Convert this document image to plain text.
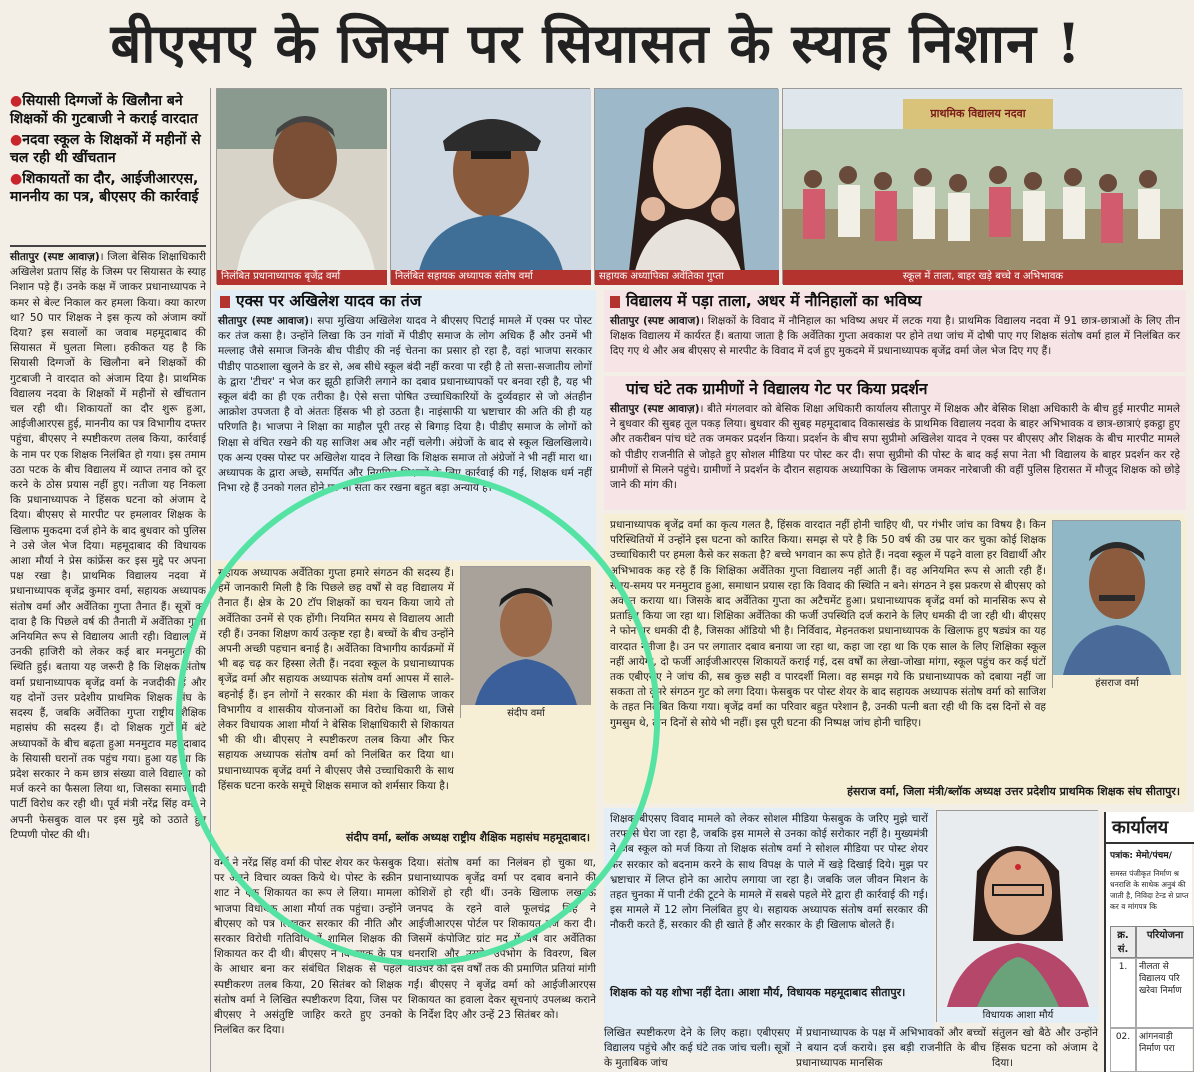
बीएसए के जिस्म पर सियासत के स्याह निशान !
●सियासी दिग्गजों के खिलौना बने शिक्षकों की गुटबाजी ने कराई वारदात
●नदवा स्कूल के शिक्षकों में महीनों से चल रही थी खींचतान
●शिकायतों का दौर, आईजीआरएस, माननीय का पत्र, बीएसए की कार्रवाई
सीतापुर (स्पष्ट आवाज़)। जिला बेसिक शिक्षाधिकारी अखिलेश प्रताप सिंह के जिस्म पर सियासत के स्याह निशान पड़े हैं। उनके कक्ष में जाकर प्रधानाध्यापक ने कमर से बेल्ट निकाल कर हमला किया। क्या कारण था? 50 पार शिक्षक ने इस कृत्य को अंजाम क्यों दिया? इस सवालों का जवाब महमूदाबाद की सियासत में घुलता मिला। हकीकत यह है कि सियासी दिग्गजों के खिलौना बने शिक्षकों की गुटबाजी ने वारदात को अंजाम दिया है। प्राथमिक विद्यालय नदवा के शिक्षकों में महीनों से खींचतान चल रही थी। शिकायतों का दौर शुरू हुआ, आईजीआरएस हुई, माननीय का पत्र विभागीय दफ्तर पहुंचा, बीएसए ने स्पष्टीकरण तलब किया, कार्रवाई के नाम पर एक शिक्षक निलंबित हो गया। इस तमाम उठा पटक के बीच विद्यालय में व्याप्त तनाव को दूर करने के ठोस प्रयास नहीं हुए। नतीजा यह निकला कि प्रधानाध्यापक ने हिंसक घटना को अंजाम दे दिया। बीएसए से मारपीट पर हमलावर शिक्षक के खिलाफ मुकदमा दर्ज होने के बाद बुधवार को पुलिस ने उसे जेल भेज दिया। महमूदाबाद की विधायक आशा मौर्या ने प्रेस कांफ्रेंस कर इस मुद्दे पर अपना पक्ष रखा है। प्राथमिक विद्यालय नदवा में प्रधानाध्यापक बृजेंद्र कुमार वर्मा, सहायक अध्यापक संतोष वर्मा और अर्वेतिका गुप्ता तैनात हैं। सूत्रों का दावा है कि पिछले वर्ष की तैनाती में अर्वेतिका गुप्ता अनियमित रूप से विद्यालय आती रही। विद्यालय में उनकी हाजिरी को लेकर कई बार मनमुटाव की स्थिति हुई। बताया यह जरूरी है कि शिक्षक संतोष वर्मा प्रधानाध्यापक बृजेंद्र वर्मा के नजदीकी हैं और यह दोनों उत्तर प्रदेशीय प्राथमिक शिक्षक संघ के सदस्य हैं, जबकि अर्वेतिका गुप्ता राष्ट्रीय शैक्षिक महासंघ की सदस्य हैं। दो शिक्षक गुटों में बंटे अध्यापकों के बीच बढ़ता हुआ मनमुटाव महमूदाबाद के सियासी घरानों तक पहुंच गया। हुआ यह था कि प्रदेश सरकार ने कम छात्र संख्या वाले विद्यालय को मर्ज करने का फैसला लिया था, जिसका समाजवादी पार्टी विरोध कर रही थी। पूर्व मंत्री नरेंद्र सिंह वर्मा ने अपनी फेसबुक वाल पर इस मुद्दे को उठाते हुए टिप्पणी पोस्ट की थी।
निलंबित प्रधानाध्यापक बृजेंद्र वर्मा	निलंबित सहायक अध्यापक संतोष वर्मा	सहायक अध्यापिका अर्वेतिका गुप्ता
प्राथमिक विद्यालय नदवा
स्कूल में ताला, बाहर खड़े बच्चे व अभिभावक
एक्स पर अखिलेश यादव का तंज
सीतापुर (स्पष्ट आवाज)। सपा मुखिया अखिलेश यादव ने बीएसए पिटाई मामले में एक्स पर पोस्ट कर तंज कसा है। उन्होंने लिखा कि उन गांवों में पीडीए समाज के लोग अधिक हैं और उनमें भी मल्लाह जैसे समाज जिनके बीच पीडीए की नई चेतना का प्रसार हो रहा है, वहां भाजपा सरकार पीडीए पाठशाला खुलने के डर से, अब सीधे स्कूल बंदी नहीं करवा पा रही है तो सत्ता-सजातीय लोगों के द्वारा 'टीचर' न भेज कर झूठी हाजिरी लगाने का दबाव प्रधानाध्यापकों पर बनवा रही है, यह भी स्कूल बंदी का ही एक तरीका है। ऐसे सत्ता पोषित उच्चाधिकारियों के दुर्व्यवहार से जो अंतहीन आक्रोश उपजता है वो अंततः हिंसक भी हो उठता है। नाइंसाफी या भ्रष्टाचार की अति की ही यह परिणति है। भाजपा ने शिक्षा का माहौल पूरी तरह से बिगाड़ दिया है। पीडीए समाज के लोगों को शिक्षा से वंचित रखने की यह साजिश अब और नहीं चलेगी। अंग्रेजों के बाद से स्कूल खिलखिलाये। एक अन्य एक्स पोस्ट पर अखिलेश यादव ने लिखा कि शिक्षक समाज तो अंग्रेजों ने भी नहीं मारा था। अध्यापक के द्वारा अच्छे, समर्पित और नियमित शिक्षकों के लिए कार्रवाई की गई, शिक्षक धर्म नहीं निभा रहे हैं उनको गलत होने पर भी सता कर रखना बहुत बड़ा अन्याय है।
सहायक अध्यापक अर्वेतिका गुप्ता हमारे संगठन की सदस्य हैं। हमें जानकारी मिली है कि पिछले छह वर्षों से वह विद्यालय में तैनात हैं। क्षेत्र के 20 टॉप शिक्षकों का चयन किया जाये तो अर्वेतिका उनमें से एक होंगी। नियमित समय से विद्यालय आती रही हैं। उनका शिक्षण कार्य उत्कृष्ट रहा है। बच्चों के बीच उन्होंने अपनी अच्छी पहचान बनाई है। अर्वेतिका विभागीय कार्यक्रमों में भी बढ़ चढ़ कर हिस्सा लेती हैं। नदवा स्कूल के प्रधानाध्यापक बृजेंद्र वर्मा और सहायक अध्यापक संतोष वर्मा आपस में साले-बहनोई हैं। इन लोगों ने सरकार की मंशा के खिलाफ जाकर विभागीय व शासकीय योजनाओं का विरोध किया था, जिसे लेकर विधायक आशा मौर्या ने बेसिक शिक्षाधिकारी से शिकायत भी की थी। बीएसए ने स्पष्टीकरण तलब किया और फिर सहायक अध्यापक संतोष वर्मा को निलंबित कर दिया था। प्रधानाध्यापक बृजेंद्र वर्मा ने बीएसए जैसे उच्चाधिकारी के साथ हिंसक घटना करके समूचे शिक्षक समाज को शर्मसार किया है।
संदीप वर्मा
संदीप वर्मा, ब्लॉक अध्यक्ष राष्ट्रीय शैक्षिक महासंघ महमूदाबाद।
वर्मा ने नरेंद्र सिंह वर्मा की पोस्ट शेयर कर फेसबुक पर अपने विचार व्यक्त किये थे। पोस्ट के स्क्रीन शाट ने एक शिकायत का रूप ले लिया। मामला भाजपा विधायक आशा मौर्या तक पहुंचा। उन्होंने बीएसए को पत्र लिखकर सरकार की नीति और सरकार विरोधी गतिविधि में शामिल शिक्षक की शिकायत कर दी थी। बीएसए ने विधायक के पत्र के आधार बना कर संबंधित शिक्षक से पहले स्पष्टीकरण तलब किया, 20 सितंबर को शिक्षक संतोष वर्मा ने लिखित स्पष्टीकरण दिया, जिस पर बीएसए ने असंतुष्टि जाहिर करते हुए उनको निलंबित कर दिया।
दिया। संतोष वर्मा का निलंबन हो चुका था, प्रधानाध्यापक बृजेंद्र वर्मा पर दबाव बनाने की कोशिशें हो रही थीं। उनके खिलाफ लखनऊ जनपद के रहने वाले फूलचंद्र सिंह ने आईजीआरएस पोर्टल पर शिकायत दर्ज करा दी। जिसमें कंपोजिट ग्रांट मद में वर्ष वार अर्वेतिका धनराशि और उसके उपभोग के विवरण, बिल वाउचर की दस वर्षों तक की प्रमाणित प्रतियां मांगी गईं। बीएसए ने बृजेंद्र वर्मा को आईजीआरएस शिकायत का हवाला देकर सूचनाएं उपलब्ध कराने के निर्देश दिए और उन्हें 23 सितंबर को।
विद्यालय में पड़ा ताला, अधर में नौनिहालों का भविष्य
सीतापुर (स्पष्ट आवाज)। शिक्षकों के विवाद में नौनिहाल का भविष्य अधर में लटक गया है। प्राथमिक विद्यालय नदवा में 91 छात्र-छात्राओं के लिए तीन शिक्षक विद्यालय में कार्यरत हैं। बताया जाता है कि अर्वेतिका गुप्ता अवकाश पर होने तथा जांच में दोषी पाए गए शिक्षक संतोष वर्मा हाल में निलंबित कर दिए गए थे और अब बीएसए से मारपीट के विवाद में दर्ज हुए मुकदमे में प्रधानाध्यापक बृजेंद्र वर्मा जेल भेज दिए गए हैं।
पांच घंटे तक ग्रामीणों ने विद्यालय गेट पर किया प्रदर्शन
सीतापुर (स्पष्ट आवाज़)। बीते मंगलवार को बेसिक शिक्षा अधिकारी कार्यालय सीतापुर में शिक्षक और बेसिक शिक्षा अधिकारी के बीच हुई मारपीट मामले ने बुधवार की सुबह तूल पकड़ लिया। बुधवार की सुबह महमूदाबाद विकासखंड के प्राथमिक विद्यालय नदवा के बाहर अभिभावक व छात्र-छात्राएं इकट्ठा हुए और तकरीबन पांच घंटे तक जमकर प्रदर्शन किया। प्रदर्शन के बीच सपा सुप्रीमो अखिलेश यादव ने एक्स पर बीएसए और शिक्षक के बीच मारपीट मामले को पीडीए राजनीति से जोड़ते हुए सोशल मीडिया पर पोस्ट कर दी। सपा सुप्रीमो की पोस्ट के बाद कई सपा नेता भी विद्यालय के बाहर प्रदर्शन कर रहे ग्रामीणों से मिलने पहुंचे। ग्रामीणों ने प्रदर्शन के दौरान सहायक अध्यापिका के खिलाफ जमकर नारेबाजी की वहीं पुलिस हिरासत में मौजूद शिक्षक को छोड़े जाने की मांग की।
प्रधानाध्यापक बृजेंद्र वर्मा का कृत्य गलत है, हिंसक वारदात नहीं होनी चाहिए थी, पर गंभीर जांच का विषय है। किन परिस्थितियों में उन्होंने इस घटना को कारित किया। समझ से परे है कि 50 वर्ष की उम्र पार कर चुका कोई शिक्षक उच्चाधिकारी पर हमला कैसे कर सकता है? बच्चे भगवान का रूप होते हैं। नदवा स्कूल में पढ़ने वाला हर विद्यार्थी और अभिभावक कह रहे हैं कि शिक्षिका अर्वेतिका गुप्ता विद्यालय नहीं आती हैं। वह अनियमित रूप से आती रही हैं। समय-समय पर मनमुटाव हुआ, समाधान प्रयास रहा कि विवाद की स्थिति न बने। संगठन ने इस प्रकरण से बीएसए को अवगत कराया था। जिसके बाद अर्वेतिका गुप्ता का अटैचमेंट हुआ। प्रधानाध्यापक बृजेंद्र वर्मा को मानसिक रूप से प्रताड़ित किया जा रहा था। शिक्षिका अर्वेतिका की फर्जी उपस्थिति दर्ज कराने के लिए धमकी दी जा रही थी। बीएसए ने फोन पर धमकी दी है, जिसका ऑडियो भी है। निर्विवाद, मेहनतकश प्रधानाध्यापक के खिलाफ हुए षड्यंत्र का यह वारदात नतीजा है। उन पर लगातार दबाव बनाया जा रहा था, कहा जा रहा था कि एक साल के लिए शिक्षिका स्कूल नहीं आयेगी, दो फर्जी आईजीआरएस शिकायतें कराई गई, दस वर्षों का लेखा-जोखा मांगा, स्कूल पहुंच कर कई घंटों तक एबीएसए ने जांच की, सब कुछ सही व पारदर्शी मिला। वह समझ गये कि प्रधानाध्यापक को दबाया नहीं जा सकता तो दूसरे संगठन गुट को लगा दिया। फेसबुक पर पोस्ट शेयर के बाद सहायक अध्यापक संतोष वर्मा को साजिश के तहत निलंबित किया गया। बृजेंद्र वर्मा का परिवार बहुत परेशान है, उनकी पत्नी बता रही थी कि दस दिनों से वह गुमसुम थे, तीन दिनों से सोये भी नहीं। इस पूरी घटना की निष्पक्ष जांच होनी चाहिए।
हंसराज वर्मा
हंसराज वर्मा, जिला मंत्री/ब्लॉक अध्यक्ष उत्तर प्रदेशीय प्राथमिक शिक्षक संघ सीतापुर।
शिक्षक-बीएसए विवाद मामले को लेकर सोशल मीडिया फेसबुक के जरिए मुझे चारों तरफ से घेरा जा रहा है, जबकि इस मामले से उनका कोई सरोकार नहीं है। मुख्यमंत्री ने जब स्कूल को मर्ज किया तो शिक्षक संतोष वर्मा ने सोशल मीडिया पर पोस्ट शेयर कर सरकार को बदनाम करने के साथ विपक्ष के पाले में खड़े दिखाई दिये। मुझ पर भ्रष्टाचार में लिप्त होने का आरोप लगाया जा रहा है। जबकि जल जीवन मिशन के तहत चुनका में पानी टंकी टूटने के मामले में सबसे पहले मेरे द्वारा ही कार्रवाई की गई। इस मामले में 12 लोग निलंबित हुए थे। सहायक अध्यापक संतोष वर्मा सरकार की नौकरी करते हैं, सरकार की ही खाते हैं और सरकार के ही खिलाफ बोलते हैं।
विधायक आशा मौर्य
शिक्षक को यह शोभा नहीं देता। आशा मौर्य, विधायक महमूदाबाद सीतापुर।
लिखित स्पष्टीकरण देने के लिए कहा। एबीएसए विद्यालय पहुंचे और कई घंटे तक जांच चली। सूत्रों के मुताबिक जांच
में प्रधानाध्यापक के पक्ष में अभिभावकों और बच्चों ने बयान दर्ज कराये। इस बड़ी राजनीति के बीच प्रधानाध्यापक मानसिक
संतुलन खो बैठे और उन्होंने हिंसक घटना को अंजाम दे दिया।
कार्यालय
पत्रांक: मेमो/पंचम/
समस्त पंजीकृत निर्माण श्र धनराशि के साथेक अनुबं की जाती है, निविदा टेन्ड से प्राप्त कर व मांगपत्र कि
क्र. सं.
परियोजना
1.	नीलता से विद्यालय परि खरेवा निर्माण
02. आंगनवाड़ी निर्माण परा
